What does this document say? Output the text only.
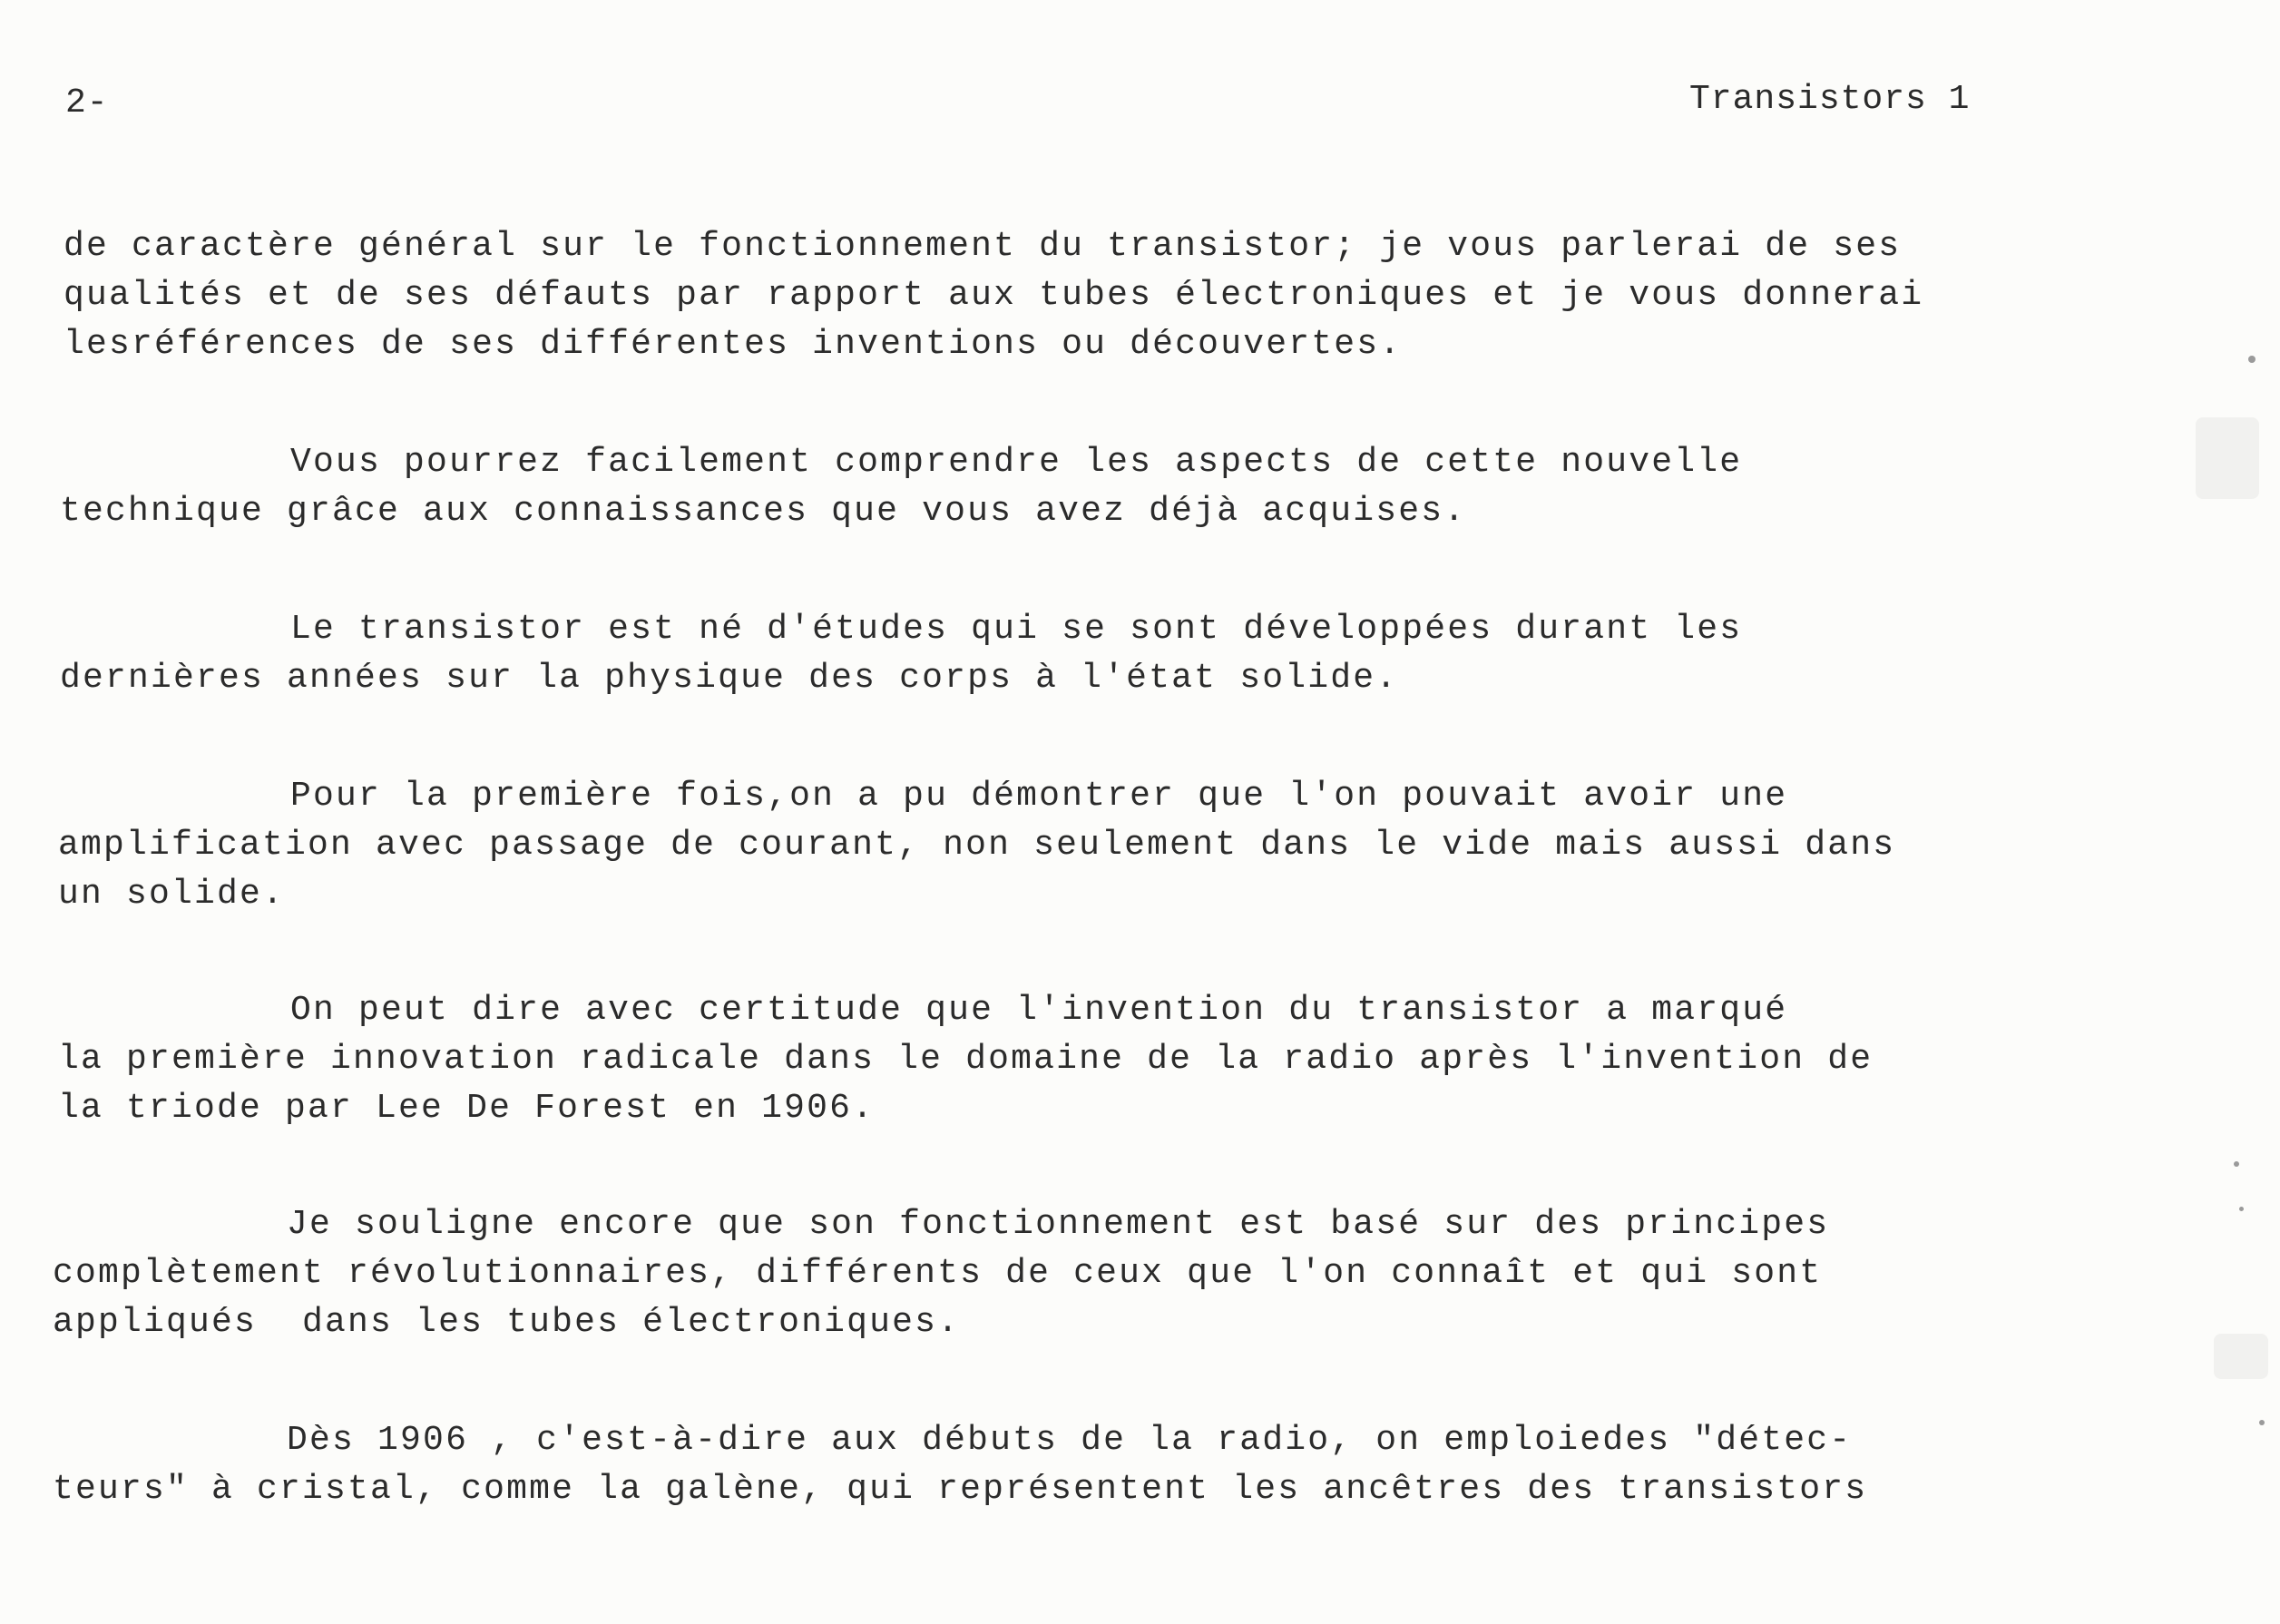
2-	Transistors 1
de caractère général sur le fonctionnement du transistor; je vous parlerai de ses
qualités et de ses défauts par rapport aux tubes électroniques et je vous donnerai
lesréférences de ses différentes inventions ou découvertes.
Vous pourrez facilement comprendre les aspects de cette nouvelle
technique grâce aux connaissances que vous avez déjà acquises.
Le transistor est né d'études qui se sont développées durant les
dernières années sur la physique des corps à l'état solide.
Pour la première fois,on a pu démontrer que l'on pouvait avoir une
amplification avec passage de courant, non seulement dans le vide mais aussi dans
un solide.
On peut dire avec certitude que l'invention du transistor a marqué
la première innovation radicale dans le domaine de la radio après l'invention de
la triode par Lee De Forest en 1906.
Je souligne encore que son fonctionnement est basé sur des principes
complètement révolutionnaires, différents de ceux que l'on connaît et qui sont
appliqués  dans les tubes électroniques.
Dès 1906 , c'est-à-dire aux débuts de la radio, on emploiedes "détec-
teurs" à cristal, comme la galène, qui représentent les ancêtres des transistors
